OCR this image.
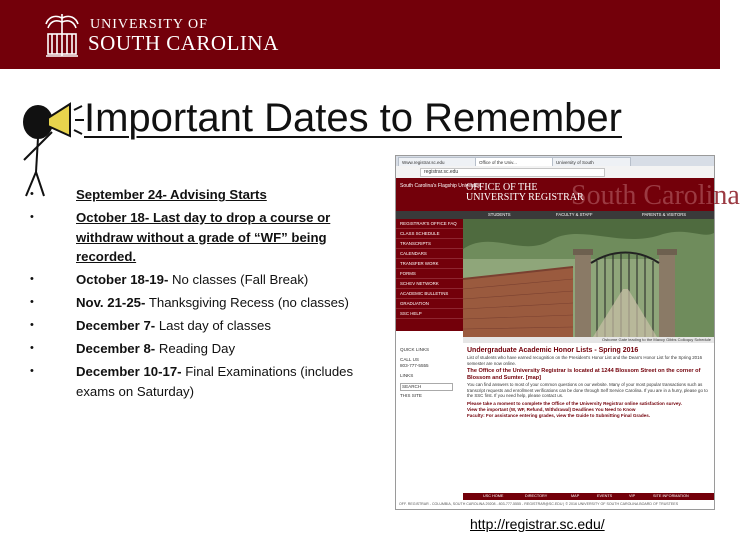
UNIVERSITY OF
SOUTH CAROLINA
Important Dates to Remember
• September 24- Advising Starts
• October 18- Last day to drop a course or withdraw without a grade of “WF” being recorded.
• October 18-19- No classes (Fall Break)
• Nov. 21-25- Thanksgiving Recess (no classes)
• December 7- Last day of classes
• December 8- Reading Day
• December 10-17- Final Examinations (includes exams on Saturday)
Www.registrar.sc.edu	Office of the Univ...	University of South
registrar.sc.edu
South Carolina
South Carolina's Flagship University
OFFICE OF THE
UNIVERSITY REGISTRAR
STUDENTS	FACULTY & STAFF	PARENTS & VISITORS
REGISTRAR'S OFFICE FAQ
CLASS SCHEDULE
TRANSCRIPTS
CALENDARS
TRANSFER WORK
FORMS
SCHEV NETWORK
ACADEMIC BULLETINS
GRADUATION
SSC HELP
Osborne Gate leading to the Maxcy Gibbs Colloquy Schedule
QUICK LINKS
CALL US
803-777-5555
LINKS
SEARCH
THIS SITE
Undergraduate Academic Honor Lists - Spring 2016

List of students who have earned recognition on the President's Honor List and the Dean's Honor List for the Spring 2016 semester are now online.

The Office of the University Registrar is located at 1244 Blossom Street on the corner of Blossom and Sumter. [map]

You can find answers to most of your common questions on our website. Many of your most popular transactions such as transcript requests and enrollment verifications can be done through Self Service Carolina. If you are in a hurry, please go to the SSC first. If you need help, please contact us.

Please take a moment to complete the Office of the University Registrar online satisfaction survey.
View the important (W, WF, Refund, Withdrawal) Deadlines You Need to Know
Faculty: For assistance entering grades, view the Guide to Submitting Final Grades.
USC HOME	DIRECTORY	MAP	EVENTS	VIP	SITE INFORMATION
OFF. REGISTRAR - COLUMBIA, SOUTH CAROLINA 29208 - 803-777-5555 - REGISTRAR@SC.EDU | © 2016 UNIVERSITY OF SOUTH CAROLINA BOARD OF TRUSTEES
http://registrar.sc.edu/
